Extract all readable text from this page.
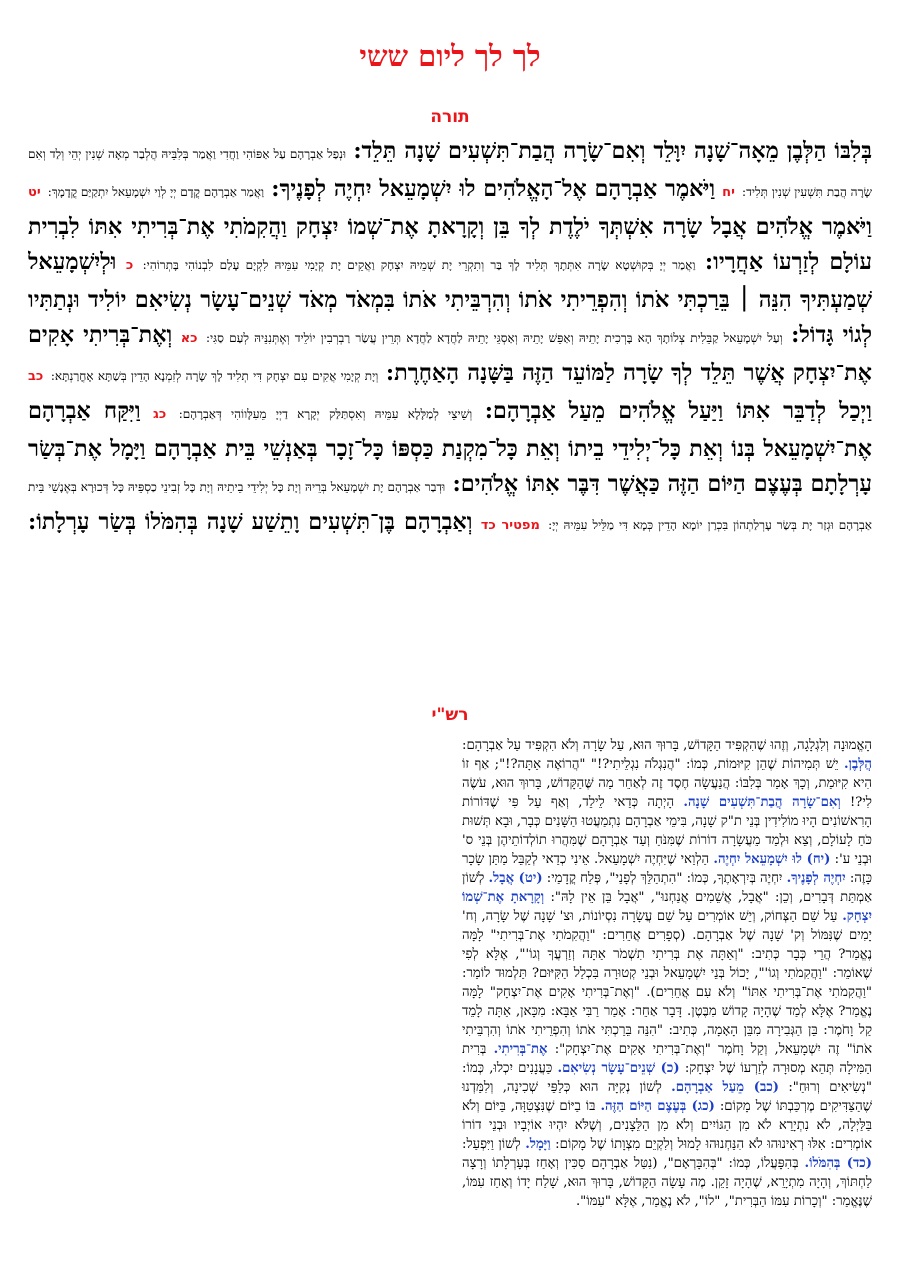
לך לך ליום ששי
תורה
בְּלִבּוֹ הַלְּבֶן מֵאָה־שָׁנָה יִוָּלֵד וְאִם־שָׂרָה הֲבַת־תִּשְׁעִים שָׁנָה תֵּלֵד: וּנְפַל אַבְרָהָם עַל אַפּוֹהִי וַחֲדִי וַאֲמַר בְּלִבֵּיהּ הֲלְבַר מְאָה שְׁנִין יְהֵי וְלַד וְאִם שָׂרָה הֲבַת תִּשְׁעִין שְׁנִין תְּלִיד: יח וַיֹּאמֶר אַבְרָהָם אֶל־הָאֱלֹהִים לוּ יִשְׁמָעֵאל יִחְיֶה לְפָנֶיךָ: וַאֲמַר אַבְרָהָם קֳדָם יְיָ לְוַי יִשְׁמָעֵאל יִתְקַיַּם קֳדָמָךְ: יט וַיֹּאמֶר אֱלֹהִים אֲבָל שָׂרָה אִשְׁתְּךָ יֹלֶדֶת לְךָ בֵּן וְקָרָאתָ אֶת־שְׁמוֹ יִצְחָק וַהֲקִמֹתִי אֶת־בְּרִיתִי אִתּוֹ לִבְרִית עוֹלָם לְזַרְעוֹ אַחֲרָיו: וַאֲמַר יְיָ בְּקוּשְׁטָא שָׂרָה אִתְּתָךְ תְּלִיד לָךְ בַּר וְתִקְרֵי יָת שְׁמֵיהּ יִצְחָק וַאֲקֵים יָת קְיָמִי עִמֵּיהּ לִקְיָם עָלַם לִבְנוֹהִי בָּתְרוֹהִי: כ וּלְיִשְׁמָעֵאל שְׁמַעְתִּיךָ הִנֵּה ׀ בֵּרַכְתִּי אֹתוֹ וְהִפְרֵיתִי אֹתוֹ וְהִרְבֵּיתִי אֹתוֹ בִּמְאֹד מְאֹד שְׁנֵים־עָשָׂר נְשִׂיאִם יוֹלִיד וּנְתַתִּיו לְגוֹי גָּדוֹל: וְעַל יִשְׁמָעֵאל קַבֵּלִית צְלוֹתָךְ הָא בָּרְכִית יָתֵיהּ וְאַפֵּשׁ יָתֵיהּ וְאַסְגֵּי יָתֵיהּ לַחֲדָא לַחֲדָא תְּרֵין עֲשַׂר רַבְרְבִין יוֹלֵיד וְאֶתְּנִנֵּיהּ לְעַם סַגִּי: כא וְאֶת־בְּרִיתִי אָקִים אֶת־יִצְחָק אֲשֶׁר תֵּלֵד לְךָ שָׂרָה לַמּוֹעֵד הַזֶּה בַּשָּׁנָה הָאַחֶרֶת: וְיָת קְיָמִי אֲקִים עִם יִצְחָק דִּי תְלִיד לָךְ שָׂרָה לְזִמְנָא הָדֵין בְּשַׁתָּא אָחֳרַנְתָּא: כב וַיְכַל לְדַבֵּר אִתּוֹ וַיַּעַל אֱלֹהִים מֵעַל אַבְרָהָם: וְשֵׁיצֵי לְמַלָּלָא עִמֵּיהּ וְאִסְתַּלַּק יְקָרָא דַיְיָ מֵעִלָּווֹהִי דְּאַבְרָהָם: כג וַיִּקַּח אַבְרָהָם אֶת־יִשְׁמָעֵאל בְּנוֹ וְאֵת כָּל־יְלִידֵי בֵיתוֹ וְאֵת כָּל־מִקְנַת כַּסְפּוֹ כָּל־זָכָר בְּאַנְשֵׁי בֵּית אַבְרָהָם וַיָּמָל אֶת־בְּשַׂר עָרְלָתָם בְּעֶצֶם הַיּוֹם הַזֶּה כַּאֲשֶׁר דִּבֶּר אִתּוֹ אֱלֹהִים: וּדְבַר אַבְרָהָם יָת יִשְׁמָעֵאל בְּרֵיהּ וְיָת כָּל יְלִידֵי בֵיתֵיהּ וְיָת כָּל זְבִינֵי כַסְפֵּיהּ כָּל דְּכוּרָא בְּאֶנָשֵׁי בֵּית אַבְרָהָם וּגְזַר יָת בְּשַׂר עָרְלַתְהוֹן בִּכְרַן יוֹמָא הָדֵין כְּמָא דִּי מַלֵּיל עִמֵּיהּ יְיָ: מפטיר כד וְאַבְרָהָם בֶּן־תִּשְׁעִים וָתֵשַׁע שָׁנָה בְּהִמֹּלוֹ בְּשַׂר עָרְלָתוֹ:
רש"י
הָאֱמוּנָה וְלִגְלָגָה, וְזֶהוּ שֶׁהִקְפִּיד הַקָּדוֹשׁ, בָּרוּךְ הוּא, עַל שָׂרָה וְלֹא הִקְפִּיד עַל אַבְרָהָם: הֲלְּבֶן. יֵשׁ תְּמִיהוֹת שֶׁהֵן קִיּוּמוֹת, כְּמוֹ: "הֲנִגְלֹה נִגְלֵיתִי?!" "הֲרוֹאֶה אַתָּה?!"; אַף זוֹ הִיא קִיּוּמַת, וְכָךְ אָמַר בְּלִבּוֹ: הֲנַעֲשָׂה חֶסֶד זֶה לְאַחֵר מַה שֶּׁהַקָּדוֹשׁ, בָּרוּךְ הוּא, עֹשֶׂה לִי?! וְאִם־שָׂרָה הֲבַת־תִּשְׁעִים שָׁנָה. הָיְתָה כְּדַאי לֵילֵד, וְאַף עַל פִּי שֶׁדּוֹרוֹת הָרִאשׁוֹנִים הָיוּ מוֹלִידִין בְּנֵי ת"ק שָׁנָה, בִּימֵי אַבְרָהָם נִתְמַעֲטוּ הַשָּׁנִים כְּבָר, וּבָא תְּשׁוּת כֹּחַ לָעוֹלָם, וְצֵא וּלְמַד מֵעֲשָׂרָה דוֹרוֹת שֶׁמִּנֹּחַ וְעַד אַבְרָהָם שֶׁמִּהֲרוּ תוֹלְדוֹתֵיהֶן בְּנֵי ס' וּבְנֵי ע': (יח) לוּ יִשְׁמָעֵאל יִחְיֶה. הַלְוַאי שֶׁיִּחְיֶה יִשְׁמָעֵאל. אֵינִי כְדַאי לְקַבֵּל מַתַּן שָׂכָר כָּזֶה: יִחְיֶה לְפָנֶיךָ. יִחְיֶה בְּיִרְאָתֶךָ, כְּמוֹ: "הִתְהַלֵּךְ לְפָנַי", פְּלַח קֳדָמַי: (יט) אֲבָל. לְשׁוֹן אַמְתַּת דְּבָרִים, וְכֵן: "אֲבָל, אֲשֵׁמִים אֲנַחְנוּ", "אֲבָל בֵּן אֵין לָהּ": וְקָרָאתָ אֶת־שְׁמוֹ יִצְחָק. עַל שֵׁם הַצְּחוֹק, וְיֵשׁ אוֹמְרִים עַל שֵׁם עֲשָׂרָה נִסְיוֹנוֹת, וּצ' שָׁנָה שֶׁל שָׂרָה, וְח' יָמִים שֶׁנִּמּוֹל וְק' שָׁנָה שֶׁל אַבְרָהָם. (סְפָרִים אֲחֵרִים: "וַהֲקִמֹתִי אֶת־בְּרִיתִי" לָמָּה נֶאֱמַר? הֲרֵי כְּבָר כְּתִיב: "וְאַתָּה אֶת בְּרִיתִי תִשְׁמֹר אַתָּה וְזַרְעֲךָ וְגוֹ'", אֶלָּא לְפִי שֶׁאוֹמֵר: "וַהֲקִמֹתִי וְגוֹ'", יָכוֹל בְּנֵי יִשְׁמָעֵאל וּבְנֵי קְטוּרָה בִּכְלַל הַקִּיּוּם? תַּלְמוּד לוֹמַר: "וַהֲקִמֹתִי אֶת־בְּרִיתִי אִתּוֹ" וְלֹא עִם אֲחֵרִים). "וְאֶת־בְּרִיתִי אָקִים אֶת־יִצְחָק" לָמָּה נֶאֱמַר? אֶלָּא לְמַד שֶׁהָיָה קָדוֹשׁ מִבֶּטֶן. דָּבָר אַחֵר: אָמַר רַבִּי אַבָּא: מִכָּאן, אַתָּה לָמֵד קַל וָחֹמֶר: בֵּן הַגְּבִירָה מִבֵּן הָאָמָה, כְּתִיב: "הִנֵּה בֵּרַכְתִּי אֹתוֹ וְהִפְרֵיתִי אֹתוֹ וְהִרְבֵּיתִי אֹתוֹ" זֶה יִשְׁמָעֵאל, וְקַל וָחֹמֶר "וְאֶת־בְּרִיתִי אָקִים אֶת־יִצְחָק": אֶת־בְּרִיתִי. בְּרִית הַמִּילָה תְּהֵא מְסוּרָה לְזַרְעוֹ שֶׁל יִצְחָק: (כ) שְׁנֵים־עָשָׂר נְשִׂיאִם. כַּעֲנָנִים יִכְלוּ, כְּמוֹ: "נְשִׂיאִים וְרוּחַ": (כב) מֵעַל אַבְרָהָם. לְשׁוֹן נְקִיָּה הוּא כְּלַפֵּי שְׁכִינָה, וְלִמַּדְנוּ שֶׁהַצַּדִּיקִים מֶרְכַּבְתּוֹ שֶׁל מָקוֹם: (כג) בְּעֶצֶם הַיּוֹם הַזֶּה. בּוֹ בַיּוֹם שֶׁנִּצְטַוָּה, בַּיּוֹם וְלֹא בַּלַּיְלָה, לֹא נִתְיָרֵא לֹא מִן הַגּוֹיִים וְלֹא מִן הַלֵּצָנִים, וְשֶׁלֹּא יִהְיוּ אוֹיְבָיו וּבְנֵי דוֹרוֹ אוֹמְרִים: אִלּוּ רְאִינוּהוּ לֹא הִנַּחְנוּהוּ לָמוּל וְלִקְיֵם מִצְוָתוֹ שֶׁל מָקוֹם: וַיָּמָל. לְשׁוֹן וַיִּפְעַל: (כד) בְּהִמֹּלוֹ. בְּהִפָּעֲלוֹ, כְּמוֹ: "בְּהִבָּרְאָם", (נִטַּל אַבְרָהָם סַכִּין וְאָחַז בְּעָרְלָתוֹ וְרָצָה לַחְתּוֹךְ, וְהָיָה מִתְיָרֵא, שֶׁהָיָה זָקֵן. מֶה עָשָׂה הַקָּדוֹשׁ, בָּרוּךְ הוּא, שָׁלַח יָדוֹ וְאָחַז עִמּוֹ, שֶׁנֶּאֱמַר: "וְכָרוֹת עִמּוֹ הַבְּרִית", "לוֹ", לֹא נֶאֱמַר, אֶלָּא "עִמּוֹ".
